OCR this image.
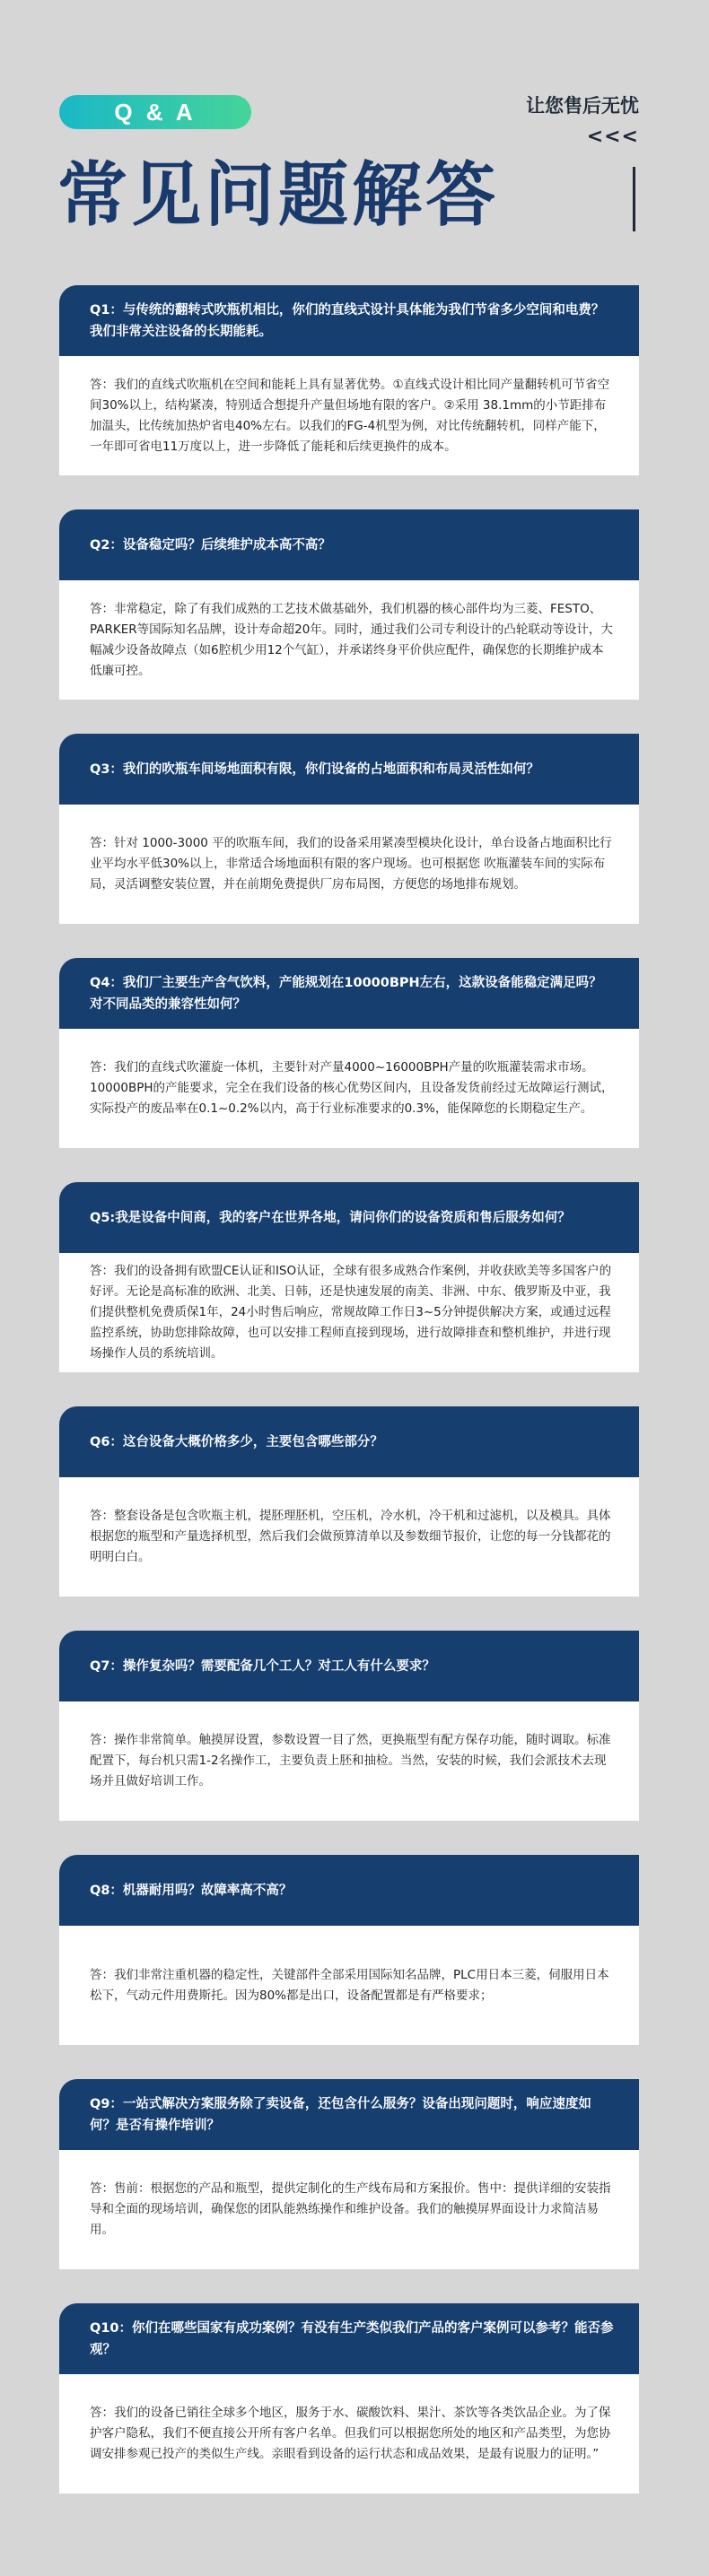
Q & A	让您售后无忧
<<<
常见问题解答
Q1：与传统的翻转式吹瓶机相比，你们的直线式设计具体能为我们节省多少空间和电费？我们非常关注设备的长期能耗。

答：我们的直线式吹瓶机在空间和能耗上具有显著优势。①直线式设计相比同产量翻转机可节省空间30%以上，结构紧凑，特别适合想提升产量但场地有限的客户。②采用 38.1mm的小节距排布加温头，比传统加热炉省电40%左右。以我们的FG-4机型为例，对比传统翻转机，同样产能下，一年即可省电11万度以上，进一步降低了能耗和后续更换件的成本。

Q2：设备稳定吗？后续维护成本高不高？

答：非常稳定，除了有我们成熟的工艺技术做基础外，我们机器的核心部件均为三菱、FESTO、PARKER等国际知名品牌，设计寿命超20年。同时，通过我们公司专利设计的凸轮联动等设计，大幅减少设备故障点（如6腔机少用12个气缸），并承诺终身平价供应配件，确保您的长期维护成本低廉可控。

Q3：我们的吹瓶车间场地面积有限，你们设备的占地面积和布局灵活性如何？

答：针对 1000-3000 平的吹瓶车间，我们的设备采用紧凑型模块化设计，单台设备占地面积比行业平均水平低30%以上，非常适合场地面积有限的客户现场。也可根据您 吹瓶灌装车间的实际布局，灵活调整安装位置，并在前期免费提供厂房布局图，方便您的场地排布规划。

Q4：我们厂主要生产含气饮料，产能规划在10000BPH左右，这款设备能稳定满足吗？对不同品类的兼容性如何？

答：我们的直线式吹灌旋一体机，主要针对产量4000~16000BPH产量的吹瓶灌装需求市场。10000BPH的产能要求，完全在我们设备的核心优势区间内，且设备发货前经过无故障运行测试，实际投产的废品率在0.1~0.2%以内，高于行业标准要求的0.3%，能保障您的长期稳定生产。

Q5:我是设备中间商，我的客户在世界各地，请问你们的设备资质和售后服务如何？

答：我们的设备拥有欧盟CE认证和ISO认证，全球有很多成熟合作案例，并收获欧美等多国客户的好评。无论是高标准的欧洲、北美、日韩，还是快速发展的南美、非洲、中东、俄罗斯及中亚，我们提供整机免费质保1年，24小时售后响应，常规故障工作日3~5分钟提供解决方案，或通过远程监控系统，协助您排除故障，也可以安排工程师直接到现场，进行故障排查和整机维护，并进行现场操作人员的系统培训。

Q6：这台设备大概价格多少，主要包含哪些部分？

答：整套设备是包含吹瓶主机，提胚理胚机，空压机，冷水机，冷干机和过滤机，以及模具。具体根据您的瓶型和产量选择机型，然后我们会做预算清单以及参数细节报价，让您的每一分钱都花的明明白白。

Q7：操作复杂吗？需要配备几个工人？对工人有什么要求？

答：操作非常简单。触摸屏设置，参数设置一目了然，更换瓶型有配方保存功能，随时调取。标准配置下，每台机只需1-2名操作工，主要负责上胚和抽检。当然，安装的时候，我们会派技术去现场并且做好培训工作。

Q8：机器耐用吗？故障率高不高？

答：我们非常注重机器的稳定性，关键部件全部采用国际知名品牌，PLC用日本三菱，伺服用日本松下，气动元件用费斯托。因为80%都是出口，设备配置都是有严格要求；

Q9：一站式解决方案服务除了卖设备，还包含什么服务？设备出现问题时，响应速度如何？是否有操作培训？

答：售前：根据您的产品和瓶型，提供定制化的生产线布局和方案报价。售中：提供详细的安装指导和全面的现场培训，确保您的团队能熟练操作和维护设备。我们的触摸屏界面设计力求简洁易用。

Q10：你们在哪些国家有成功案例？有没有生产类似我们产品的客户案例可以参考？能否参观？

答：我们的设备已销往全球多个地区，服务于水、碳酸饮料、果汁、茶饮等各类饮品企业。为了保护客户隐私，我们不便直接公开所有客户名单。但我们可以根据您所处的地区和产品类型，为您协调安排参观已投产的类似生产线。亲眼看到设备的运行状态和成品效果，是最有说服力的证明。”
